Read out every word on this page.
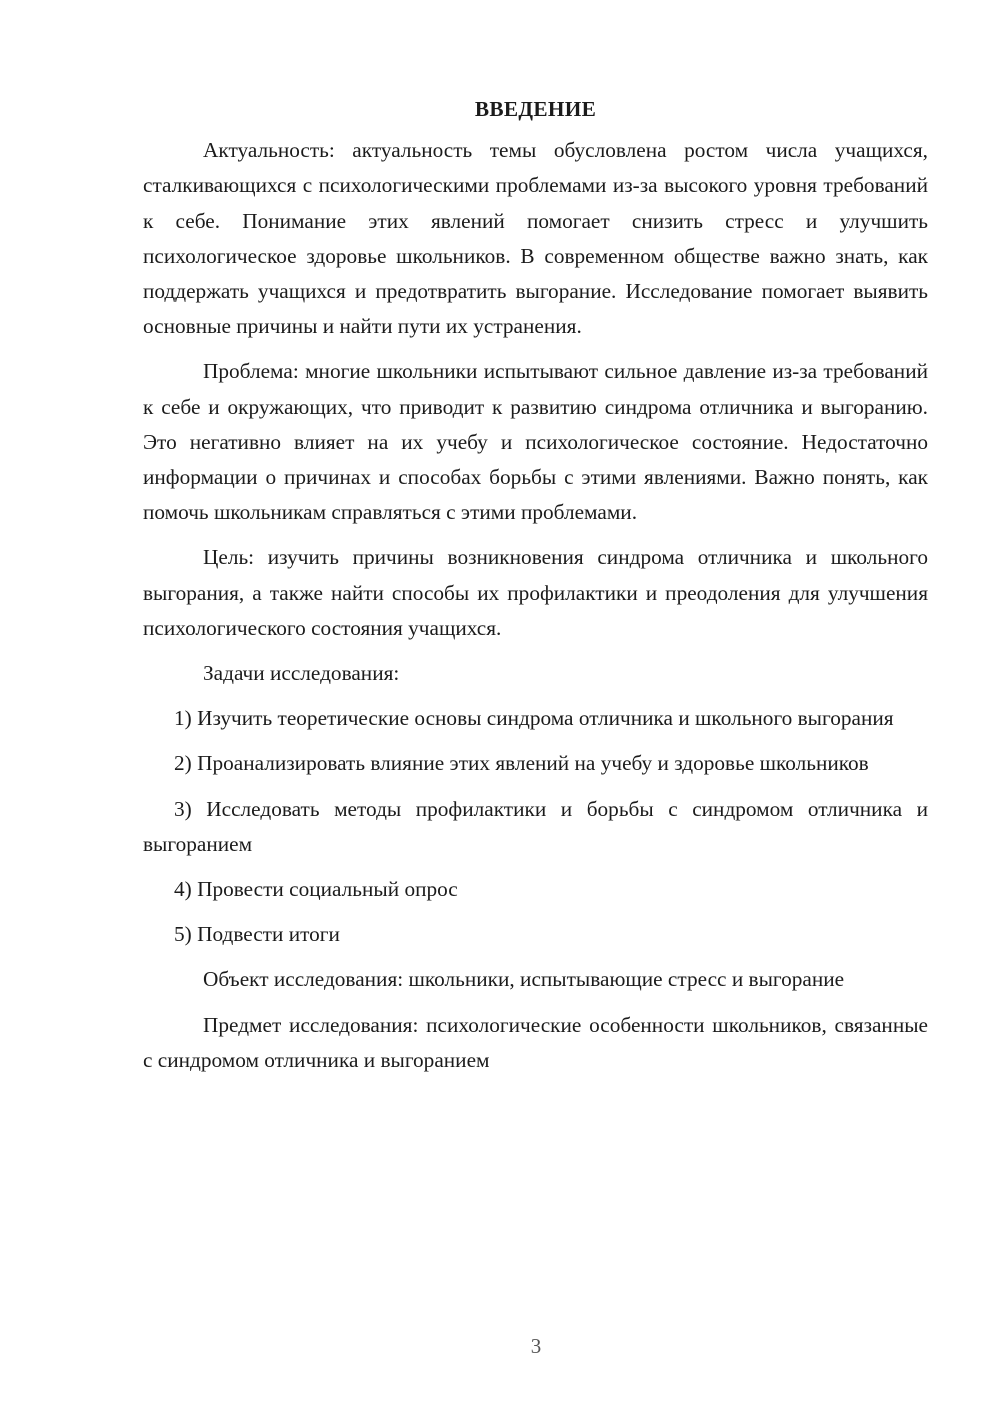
ВВЕДЕНИЕ

Актуальность: актуальность темы обусловлена ростом числа учащихся, сталкивающихся с психологическими проблемами из-за высокого уровня требований к себе. Понимание этих явлений помогает снизить стресс и улучшить психологическое здоровье школьников. В современном обществе важно знать, как поддержать учащихся и предотвратить выгорание. Исследование помогает выявить основные причины и найти пути их устранения.

Проблема: многие школьники испытывают сильное давление из-за требований к себе и окружающих, что приводит к развитию синдрома отличника и выгоранию. Это негативно влияет на их учебу и психологическое состояние. Недостаточно информации о причинах и способах борьбы с этими явлениями. Важно понять, как помочь школьникам справляться с этими проблемами.

Цель: изучить причины возникновения синдрома отличника и школьного выгорания, а также найти способы их профилактики и преодоления для улучшения психологического состояния учащихся.

Задачи исследования:

1) Изучить теоретические основы синдрома отличника и школьного выгорания

2) Проанализировать влияние этих явлений на учебу и здоровье школьников

3) Исследовать методы профилактики и борьбы с синдромом отличника и выгоранием

4) Провести социальный опрос

5) Подвести итоги

Объект исследования: школьники, испытывающие стресс и выгорание

Предмет исследования: психологические особенности школьников, связанные с синдромом отличника и выгоранием

3
